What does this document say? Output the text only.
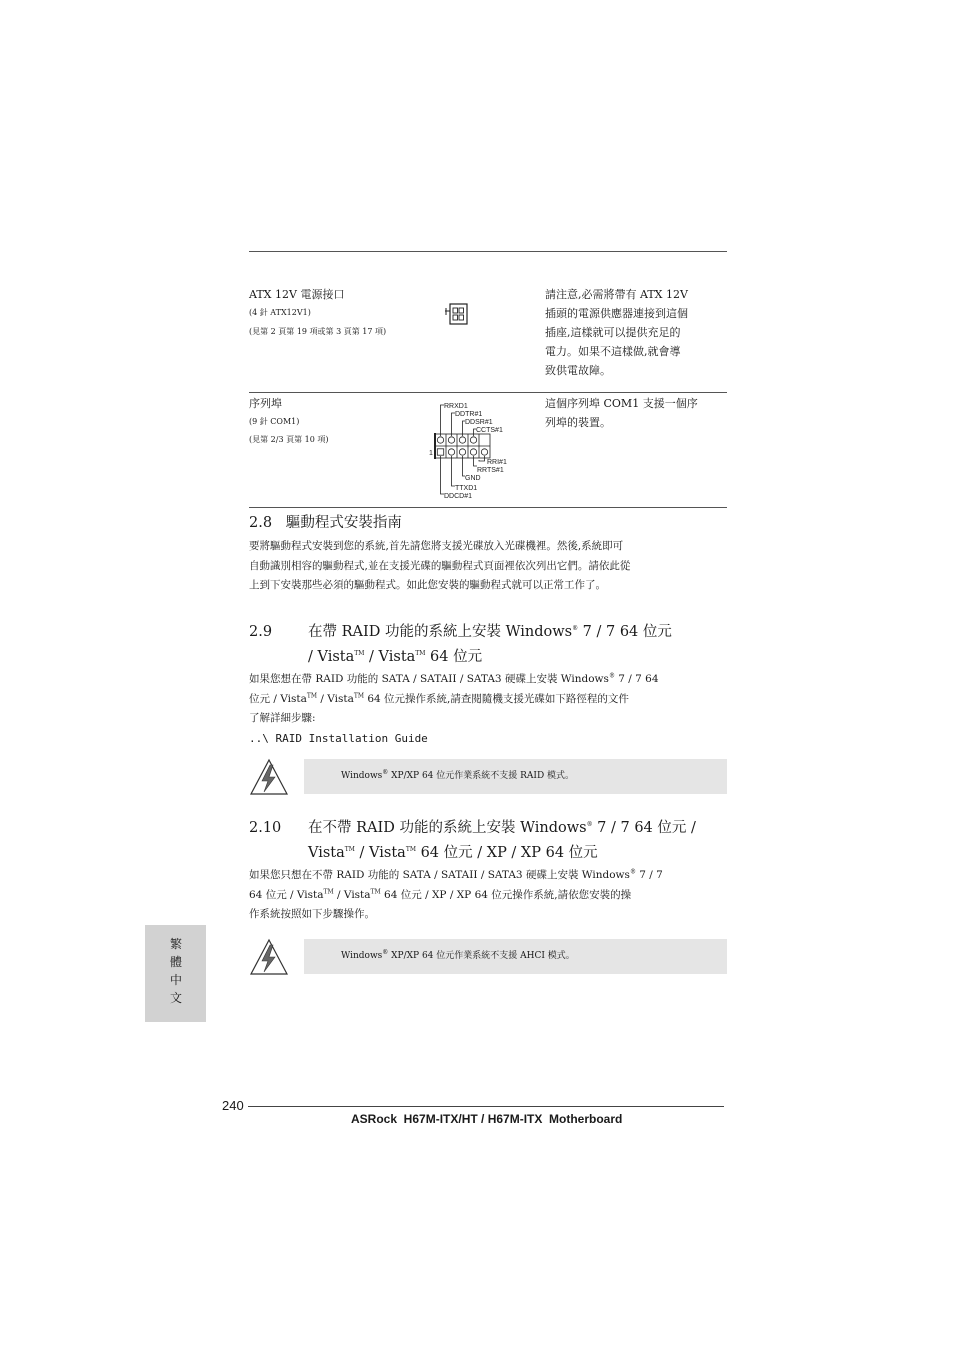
ATX 12V 電源接口
(4 針 ATX12V1)
(見第 2 頁第 19 項或第 3 頁第 17 項)
請注意,必需將帶有 ATX 12V
插頭的電源供應器連接到這個
插座,這樣就可以提供充足的
電力。如果不這樣做,就會導
致供電故障。
序列埠
(9 針 COM1)
(見第 2/3 頁第 10 項)
RRXD1
DDTR#1
DDSR#1
CCTS#1
RRI#1
RRTS#1
GND
TTXD1
DDCD#1
1
這個序列埠 COM1 支援一個序
列埠的裝置。
2.8   驅動程式安裝指南
要將驅動程式安裝到您的系統,首先請您將支援光碟放入光碟機裡。然後,系統即可
自動識別相容的驅動程式,並在支援光碟的驅動程式頁面裡依次列出它們。請依此從
上到下安裝那些必須的驅動程式。如此您安裝的驅動程式就可以正常工作了。
2.9 在帶 RAID 功能的系統上安裝 Windows® 7 / 7 64 位元
/ Vista™ / Vista™ 64 位元
如果您想在帶 RAID 功能的 SATA / SATAII / SATA3 硬碟上安裝 Windows® 7 / 7 64
位元 / Vista™ / Vista™ 64 位元操作系統,請查閱隨機支援光碟如下路徑程的文件
了解詳細步驟:
..\ RAID Installation Guide
Windows® XP/XP 64 位元作業系統不支援 RAID 模式。
2.10 在不帶 RAID 功能的系統上安裝 Windows® 7 / 7 64 位元 /
Vista™ / Vista™ 64 位元 / XP / XP 64 位元
如果您只想在不帶 RAID 功能的 SATA / SATAII / SATA3 硬碟上安裝 Windows® 7 / 7
64 位元 / Vista™ / Vista™ 64 位元 / XP / XP 64 位元操作系統,請依您安裝的操
作系統按照如下步驟操作。
Windows® XP/XP 64 位元作業系統不支援 AHCI 模式。
繁體中文
240
ASRock  H67M-ITX/HT / H67M-ITX  Motherboard
